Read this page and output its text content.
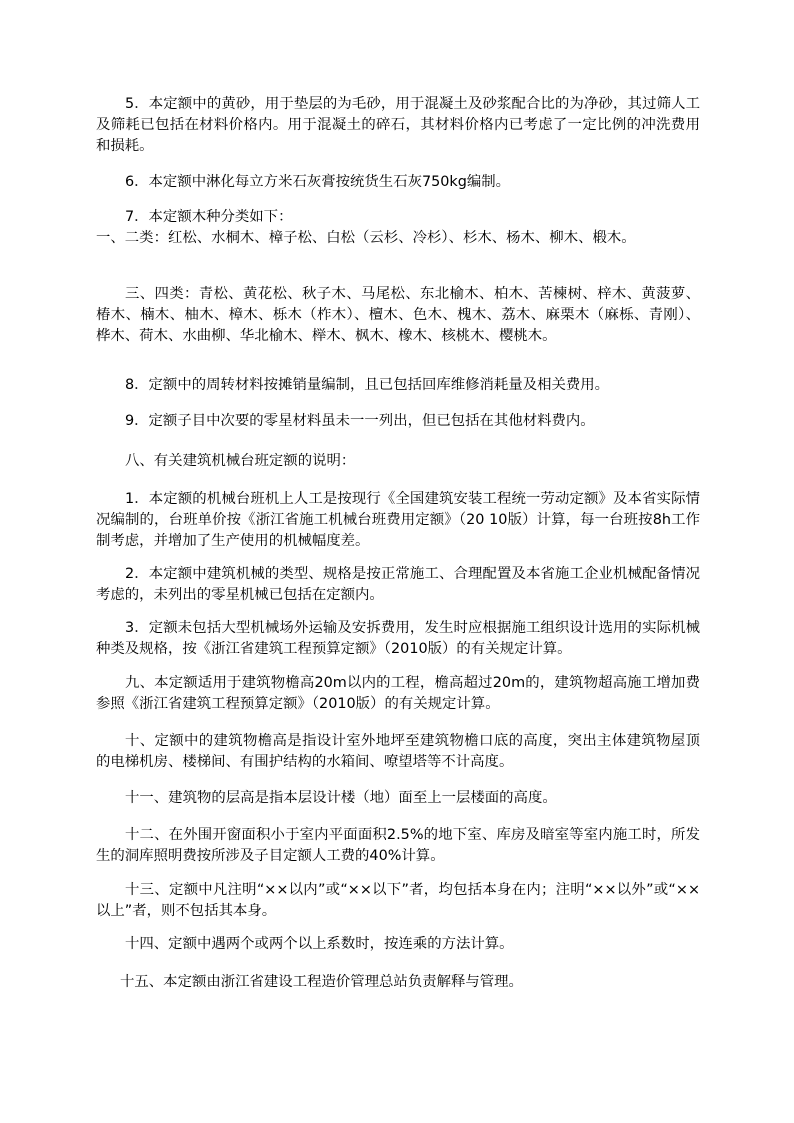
5．本定额中的黄砂，用于垫层的为毛砂，用于混凝土及砂浆配合比的为净砂，其过筛人工及筛耗已包括在材料价格内。用于混凝土的碎石，其材料价格内已考虑了一定比例的冲洗费用和损耗。

6．本定额中淋化每立方米石灰膏按统货生石灰750kg编制。

7．本定额木种分类如下：

一、二类：红松、水桐木、樟子松、白松（云杉、冷杉）、杉木、杨木、柳木、椴木。

三、四类：青松、黄花松、秋子木、马尾松、东北榆木、柏木、苦楝树、梓木、黄菠萝、椿木、楠木、柚木、樟木、栎木（柞木）、檀木、色木、槐木、荔木、麻栗木（麻栎、青刚）、桦木、荷木、水曲柳、华北榆木、榉木、枫木、橡木、核桃木、樱桃木。

8．定额中的周转材料按摊销量编制，且已包括回库维修消耗量及相关费用。

9．定额子目中次要的零星材料虽未一一列出，但已包括在其他材料费内。

八、有关建筑机械台班定额的说明：

1．本定额的机械台班机上人工是按现行《全国建筑安装工程统一劳动定额》及本省实际情况编制的，台班单价按《浙江省施工机械台班费用定额》（20 10版）计算，每一台班按8h工作制考虑，并增加了生产使用的机械幅度差。

2．本定额中建筑机械的类型、规格是按正常施工、合理配置及本省施工企业机械配备情况考虑的，未列出的零星机械已包括在定额内。

3．定额未包括大型机械场外运输及安拆费用，发生时应根据施工组织设计选用的实际机械种类及规格，按《浙江省建筑工程预算定额》（2010版）的有关规定计算。

九、本定额适用于建筑物檐高20m以内的工程，檐高超过20m的，建筑物超高施工增加费参照《浙江省建筑工程预算定额》（2010版）的有关规定计算。

十、定额中的建筑物檐高是指设计室外地坪至建筑物檐口底的高度，突出主体建筑物屋顶的电梯机房、楼梯间、有围护结构的水箱间、嘹望塔等不计高度。

十一、建筑物的层高是指本层设计楼（地）面至上一层楼面的高度。

十二、在外围开窗面积小于室内平面面积2.5%的地下室、库房及暗室等室内施工时，所发生的洞库照明费按所涉及子目定额人工费的40%计算。

十三、定额中凡注明“××以内”或“××以下”者，均包括本身在内；注明“××以外”或“××以上”者，则不包括其本身。

十四、定额中遇两个或两个以上系数时，按连乘的方法计算。

十五、本定额由浙江省建设工程造价管理总站负责解释与管理。
